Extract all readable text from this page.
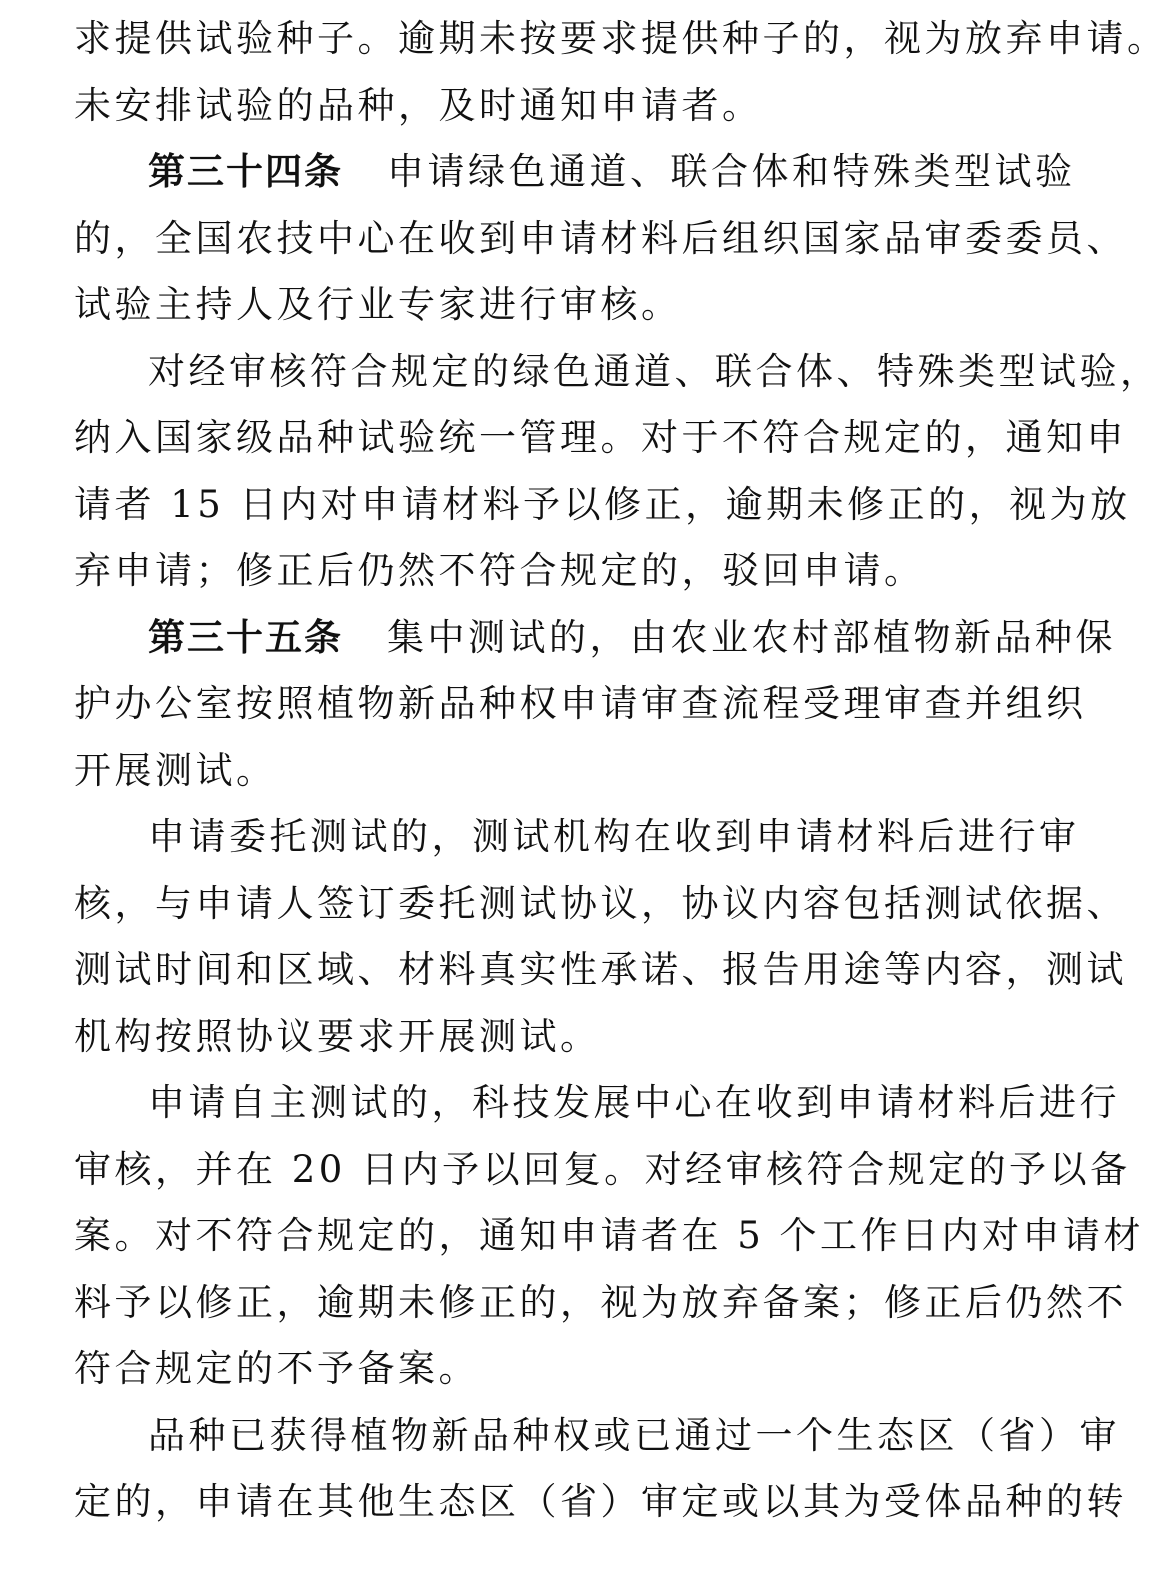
求提供试验种子。逾期未按要求提供种子的，视为放弃申请。
未安排试验的品种，及时通知申请者。
第三十四条 申请绿色通道、联合体和特殊类型试验
的，全国农技中心在收到申请材料后组织国家品审委委员、
试验主持人及行业专家进行审核。
对经审核符合规定的绿色通道、联合体、特殊类型试验，
纳入国家级品种试验统一管理。对于不符合规定的，通知申
请者 15 日内对申请材料予以修正，逾期未修正的，视为放
弃申请；修正后仍然不符合规定的，驳回申请。
第三十五条 集中测试的，由农业农村部植物新品种保
护办公室按照植物新品种权申请审查流程受理审查并组织
开展测试。
申请委托测试的，测试机构在收到申请材料后进行审
核，与申请人签订委托测试协议，协议内容包括测试依据、
测试时间和区域、材料真实性承诺、报告用途等内容，测试
机构按照协议要求开展测试。
申请自主测试的，科技发展中心在收到申请材料后进行
审核，并在 20 日内予以回复。对经审核符合规定的予以备
案。对不符合规定的，通知申请者在 5 个工作日内对申请材
料予以修正，逾期未修正的，视为放弃备案；修正后仍然不
符合规定的不予备案。
品种已获得植物新品种权或已通过一个生态区（省）审
定的，申请在其他生态区（省）审定或以其为受体品种的转
